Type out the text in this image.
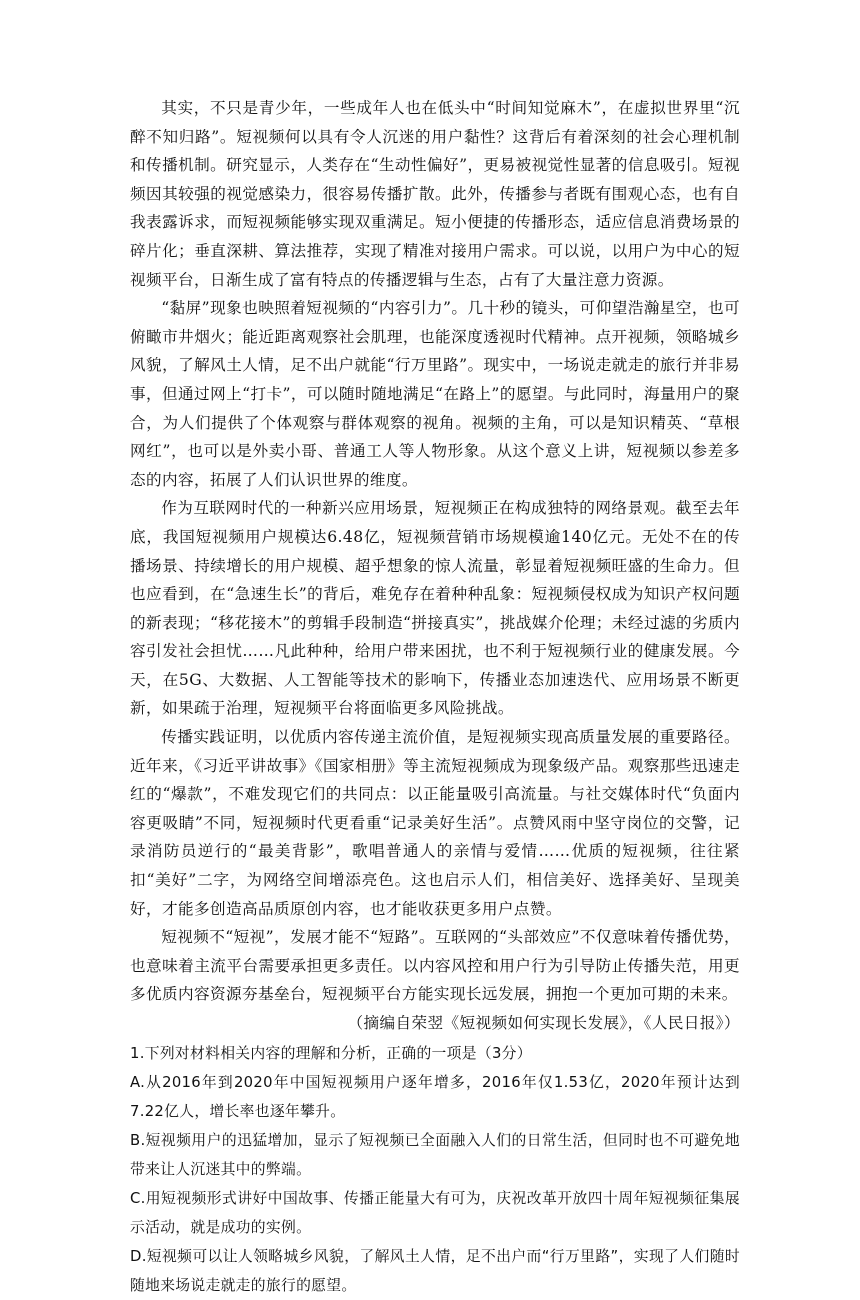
其实，不只是青少年，一些成年人也在低头中“时间知觉麻木”，在虚拟世界里“沉醉不知归路”。短视频何以具有令人沉迷的用户黏性？这背后有着深刻的社会心理机制和传播机制。研究显示，人类存在“生动性偏好”，更易被视觉性显著的信息吸引。短视频因其较强的视觉感染力，很容易传播扩散。此外，传播参与者既有围观心态，也有自我表露诉求，而短视频能够实现双重满足。短小便捷的传播形态，适应信息消费场景的碎片化；垂直深耕、算法推荐，实现了精准对接用户需求。可以说，以用户为中心的短视频平台，日渐生成了富有特点的传播逻辑与生态，占有了大量注意力资源。

“黏屏”现象也映照着短视频的“内容引力”。几十秒的镜头，可仰望浩瀚星空，也可俯瞰市井烟火；能近距离观察社会肌理，也能深度透视时代精神。点开视频，领略城乡风貌，了解风土人情，足不出户就能“行万里路”。现实中，一场说走就走的旅行并非易事，但通过网上“打卡”，可以随时随地满足“在路上”的愿望。与此同时，海量用户的聚合，为人们提供了个体观察与群体观察的视角。视频的主角，可以是知识精英、“草根网红”，也可以是外卖小哥、普通工人等人物形象。从这个意义上讲，短视频以参差多态的内容，拓展了人们认识世界的维度。

作为互联网时代的一种新兴应用场景，短视频正在构成独特的网络景观。截至去年底，我国短视频用户规模达6.48亿，短视频营销市场规模逾140亿元。无处不在的传播场景、持续增长的用户规模、超乎想象的惊人流量，彰显着短视频旺盛的生命力。但也应看到，在“急速生长”的背后，难免存在着种种乱象：短视频侵权成为知识产权问题的新表现；“移花接木”的剪辑手段制造“拼接真实”，挑战媒介伦理；未经过滤的劣质内容引发社会担忧……凡此种种，给用户带来困扰，也不利于短视频行业的健康发展。今天，在5G、大数据、人工智能等技术的影响下，传播业态加速迭代、应用场景不断更新，如果疏于治理，短视频平台将面临更多风险挑战。

传播实践证明，以优质内容传递主流价值，是短视频实现高质量发展的重要路径。近年来，《习近平讲故事》《国家相册》等主流短视频成为现象级产品。观察那些迅速走红的“爆款”，不难发现它们的共同点：以正能量吸引高流量。与社交媒体时代“负面内容更吸睛”不同，短视频时代更看重“记录美好生活”。点赞风雨中坚守岗位的交警，记录消防员逆行的“最美背影”，歌唱普通人的亲情与爱情……优质的短视频，往往紧扣“美好”二字，为网络空间增添亮色。这也启示人们，相信美好、选择美好、呈现美好，才能多创造高品质原创内容，也才能收获更多用户点赞。

短视频不“短视”，发展才能不“短路”。互联网的“头部效应”不仅意味着传播优势，也意味着主流平台需要承担更多责任。以内容风控和用户行为引导防止传播失范，用更多优质内容资源夯基垒台，短视频平台方能实现长远发展，拥抱一个更加可期的未来。

（摘编自荣翌《短视频如何实现长发展》，《人民日报》）

1.下列对材料相关内容的理解和分析，正确的一项是（3分）

A.从2016年到2020年中国短视频用户逐年增多，2016年仅1.53亿，2020年预计达到7.22亿人，增长率也逐年攀升。

B.短视频用户的迅猛增加，显示了短视频已全面融入人们的日常生活，但同时也不可避免地带来让人沉迷其中的弊端。

C.用短视频形式讲好中国故事、传播正能量大有可为，庆祝改革开放四十周年短视频征集展示活动，就是成功的实例。

D.短视频可以让人领略城乡风貌，了解风土人情，足不出户而“行万里路”，实现了人们随时随地来场说走就走的旅行的愿望。
